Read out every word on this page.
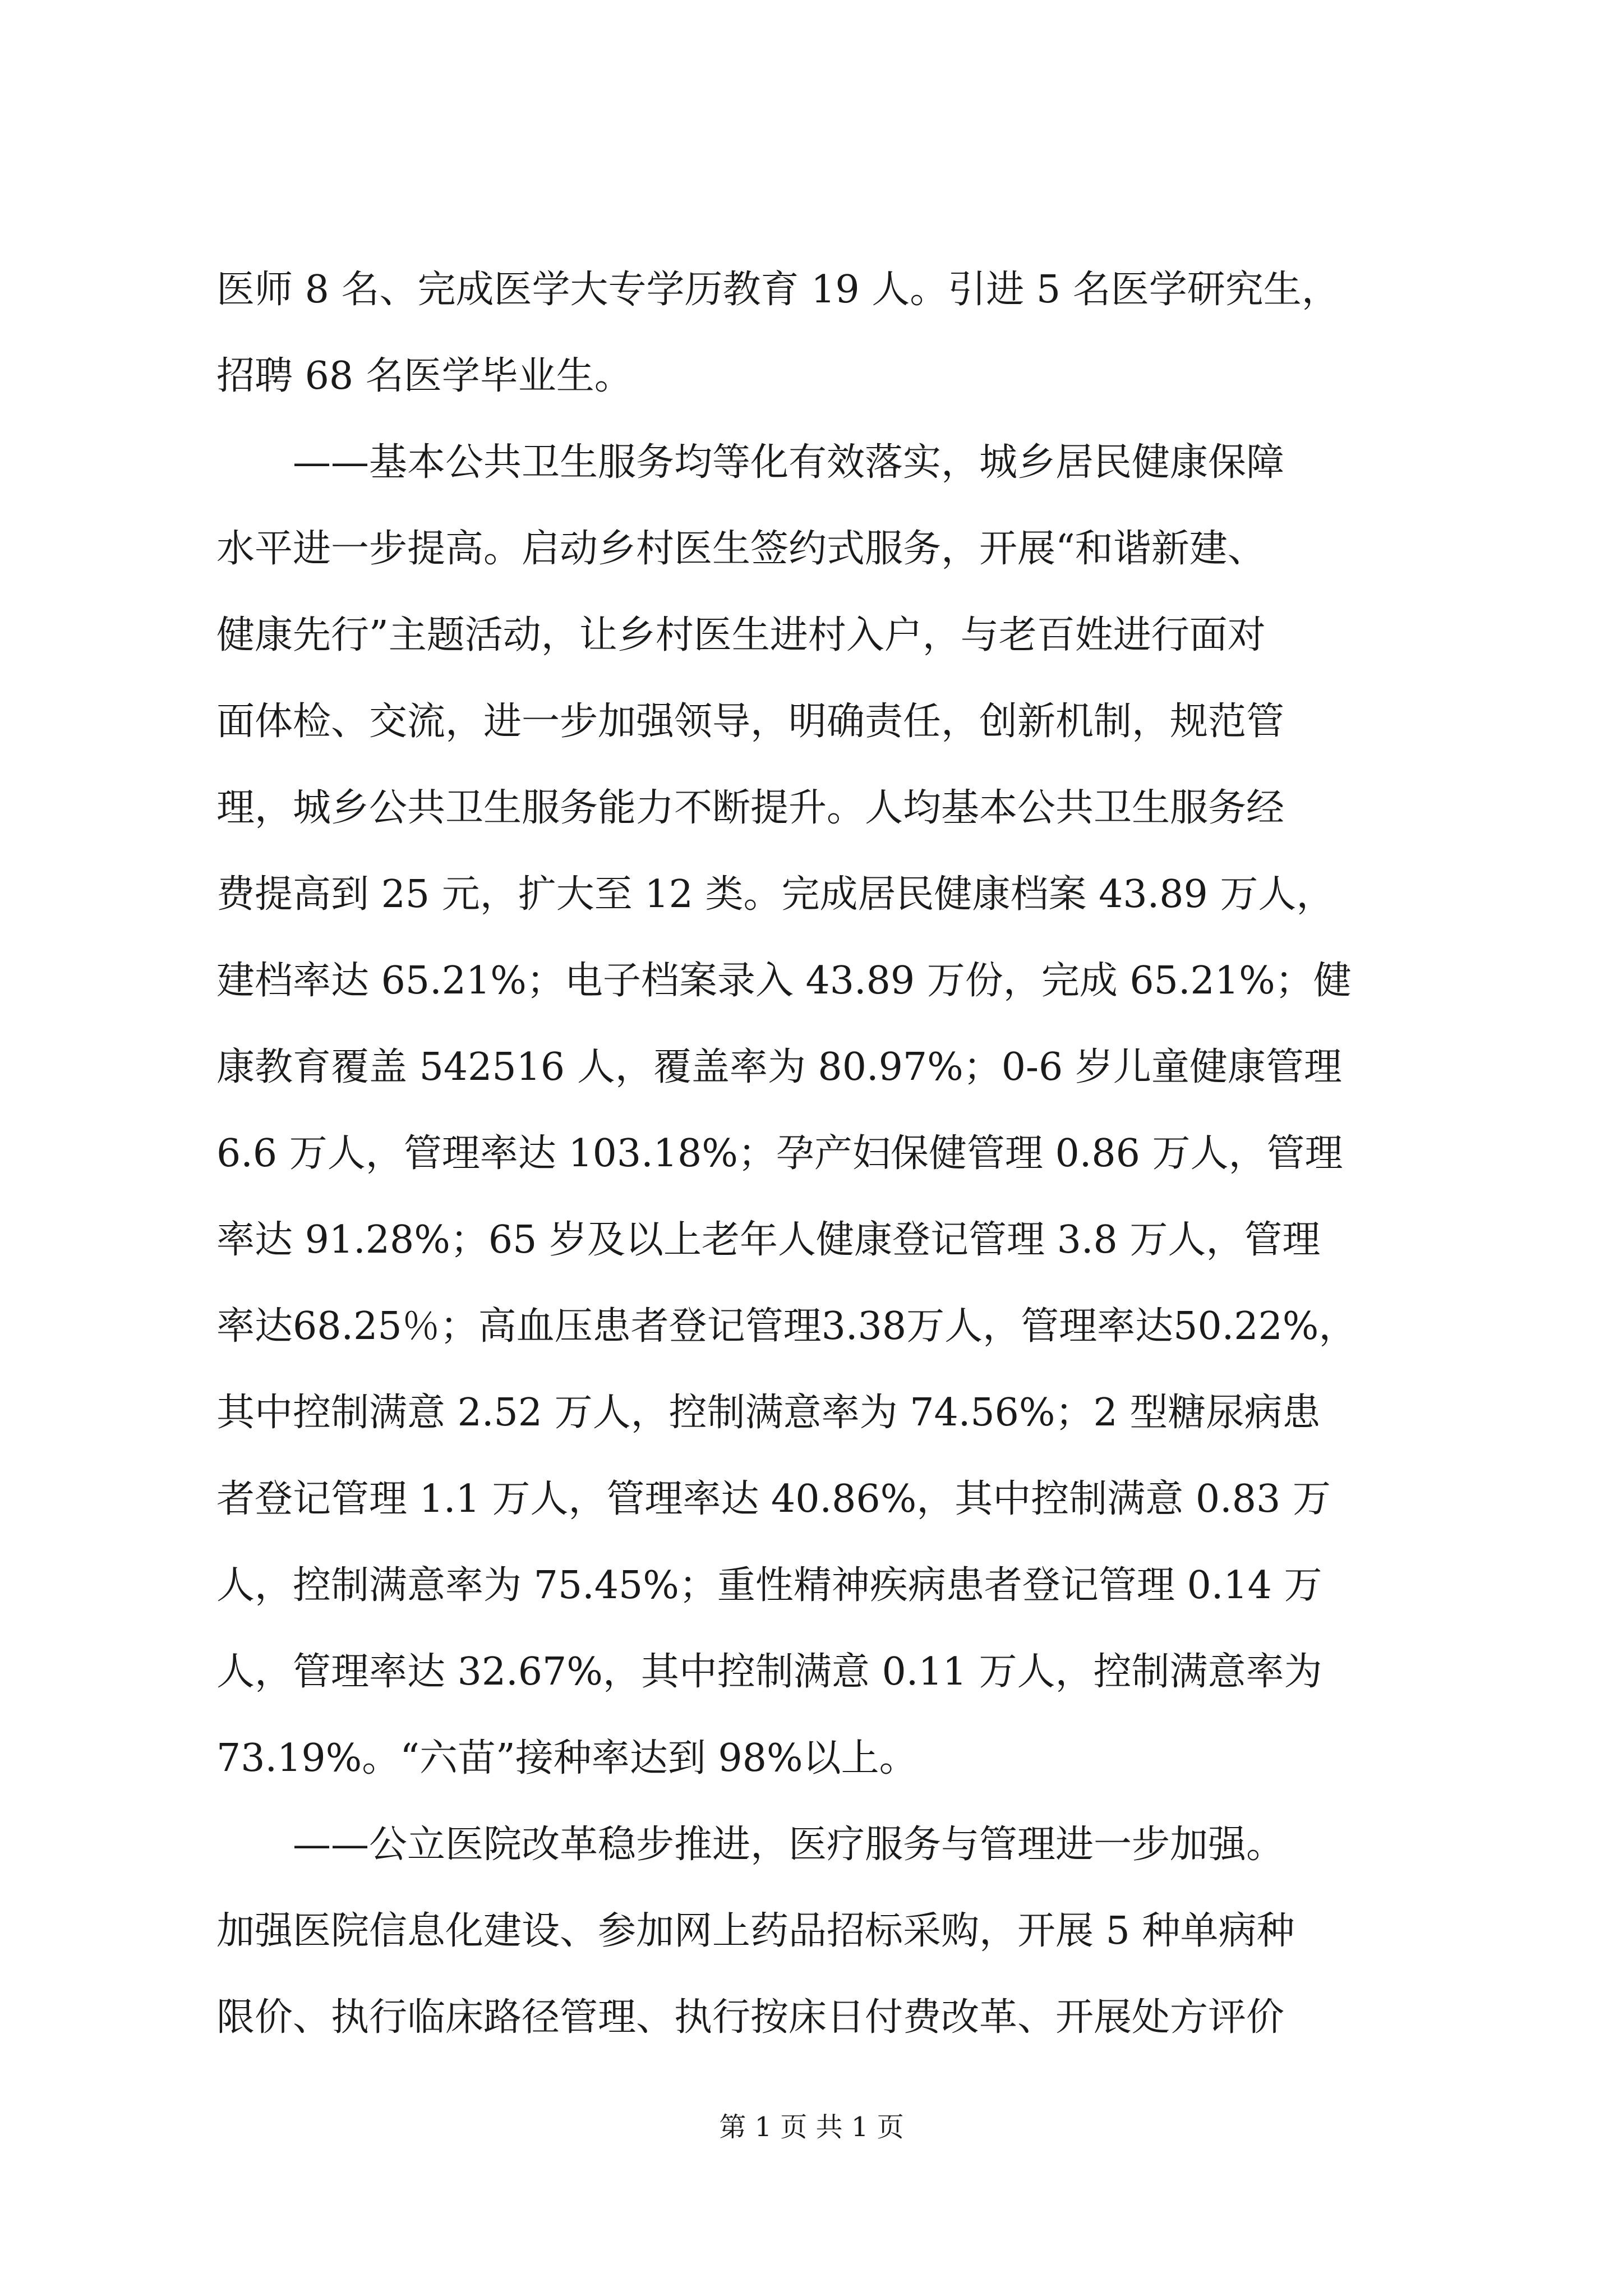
医师 8 名、完成医学大专学历教育 19 人。引进 5 名医学研究生，
招聘 68 名医学毕业生。
　　——基本公共卫生服务均等化有效落实，城乡居民健康保障
水平进一步提高。启动乡村医生签约式服务，开展“和谐新建、
健康先行”主题活动，让乡村医生进村入户，与老百姓进行面对
面体检、交流，进一步加强领导，明确责任，创新机制，规范管
理，城乡公共卫生服务能力不断提升。人均基本公共卫生服务经
费提高到 25 元，扩大至 12 类。完成居民健康档案 43.89 万人，
建档率达 65.21%；电子档案录入 43.89 万份，完成 65.21%；健
康教育覆盖 542516 人，覆盖率为 80.97%；0-6 岁儿童健康管理
6.6 万人，管理率达 103.18%；孕产妇保健管理 0.86 万人，管理
率达 91.28%；65 岁及以上老年人健康登记管理 3.8 万人，管理
率达68.25％；高血压患者登记管理3.38万人，管理率达50.22%，
其中控制满意 2.52 万人，控制满意率为 74.56%；2 型糖尿病患
者登记管理 1.1 万人，管理率达 40.86%，其中控制满意 0.83 万
人，控制满意率为 75.45%；重性精神疾病患者登记管理 0.14 万
人，管理率达 32.67%，其中控制满意 0.11 万人，控制满意率为
73.19%。“六苗”接种率达到 98%以上。
　　——公立医院改革稳步推进，医疗服务与管理进一步加强。
加强医院信息化建设、参加网上药品招标采购，开展 5 种单病种
限价、执行临床路径管理、执行按床日付费改革、开展处方评价
第 1 页 共 1 页
